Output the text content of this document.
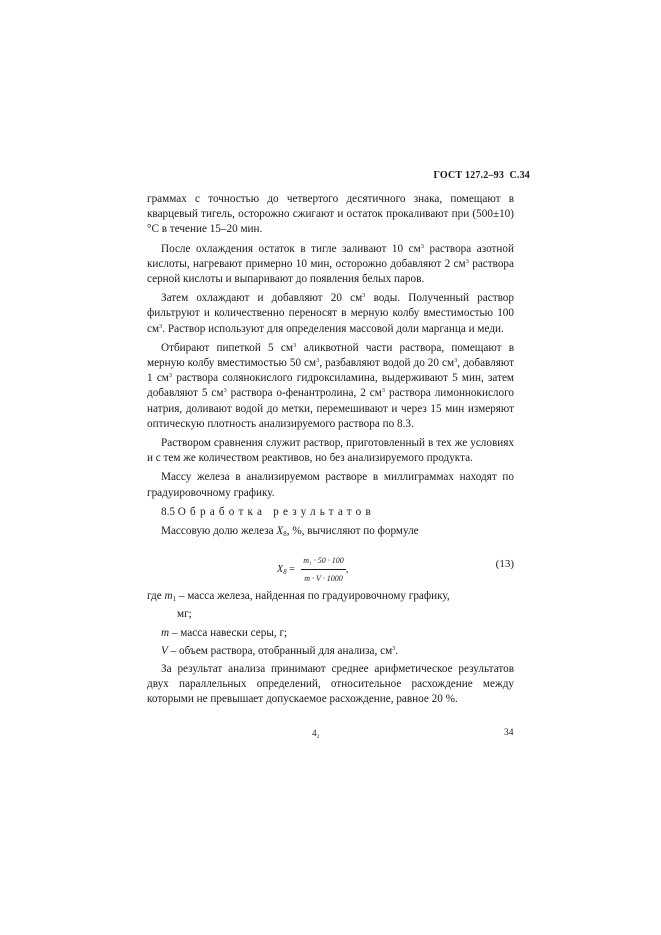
ГОСТ 127.2–93 С.34

граммах с точностью до четвертого десятичного знака, помещают в кварцевый тигель, осторожно сжигают и остаток прокаливают при (500±10) °С в течение 15–20 мин.

После охлаждения остаток в тигле заливают 10 $см^3$ раствора азотной кислоты, нагревают примерно 10 мин, осторожно добавляют 2 $см^3$ раствора серной кислоты и выпаривают до появления белых паров.

Затем охлаждают и добавляют 20 $см^3$ воды. Полученный раствор фильтруют и количественно переносят в мерную колбу вместимостью 100 $см^3$. Раствор используют для определения массовой доли марганца и меди.

Отбирают пипеткой 5 $см^3$ аликвотной части раствора, помещают в мерную колбу вместимостью 50 $см^3$, разбавляют водой до 20 $см^3$, добавляют 1 $см^3$ раствора солянокислого гидроксиламина, выдерживают 5 мин, затем добавляют 5 $см^3$ раствора о-фенантролина, 2 $см^3$ раствора лимоннокислого натрия, доливают водой до метки, перемешивают и через 15 мин измеряют оптическую плотность анализируемого раствора по 8.3.

Раствором сравнения служит раствор, приготовленный в тех же условиях и с тем же количеством реактивов, но без анализируемого продукта.

Массу железа в анализируемом растворе в миллиграммах находят по градуировочному графику.

8.5 Обработка результатов

Массовую долю железа $X_8$, %, вычисляют по формуле

$X_8 = \frac{\text{m₁ · 50 · 100}}{m \cdot V \cdot 1000}$ ,	(13)

где $m_1$ – масса железа, найденная по градуировочному графику,

мг;

m – масса навески серы, г;

V – объем раствора, отобранный для анализа, $см^3$.

За результат анализа принимают среднее арифметическое результатов двух параллельных определений, относительное расхождение между которыми не превышает допускаемое расхождение, равное 20 %.

4₂	34
